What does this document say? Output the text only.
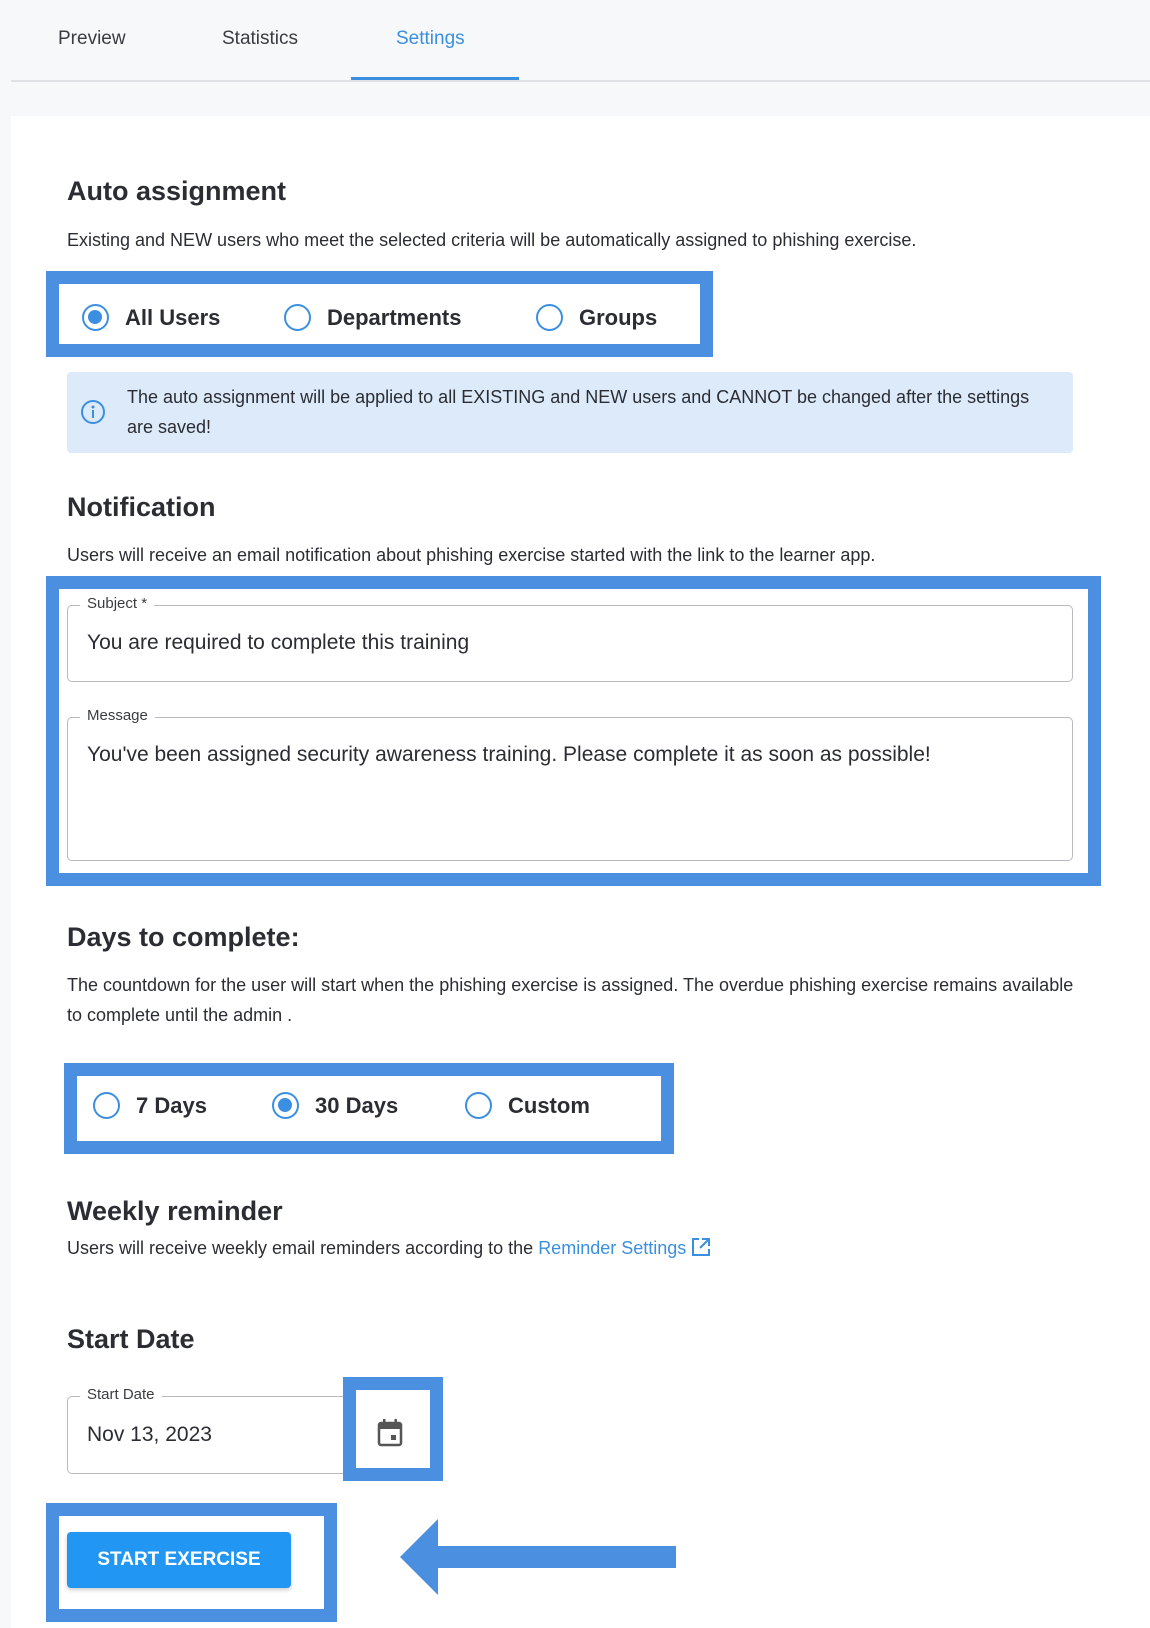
Preview	Statistics	Settings
Auto assignment
Existing and NEW users who meet the selected criteria will be automatically assigned to phishing exercise.
All Users	Departments	Groups
The auto assignment will be applied to all EXISTING and NEW users and CANNOT be changed after the settings are saved!
Notification
Users will receive an email notification about phishing exercise started with the link to the learner app.
Subject *
You are required to complete this training
Message
You've been assigned security awareness training. Please complete it as soon as possible!
Days to complete:
The countdown for the user will start when the phishing exercise is assigned. The overdue phishing exercise remains available to complete until the admin .
7 Days	30 Days	Custom
Weekly reminder
Users will receive weekly email reminders according to the Reminder Settings
Start Date
Start Date
Nov 13, 2023
START EXERCISE
